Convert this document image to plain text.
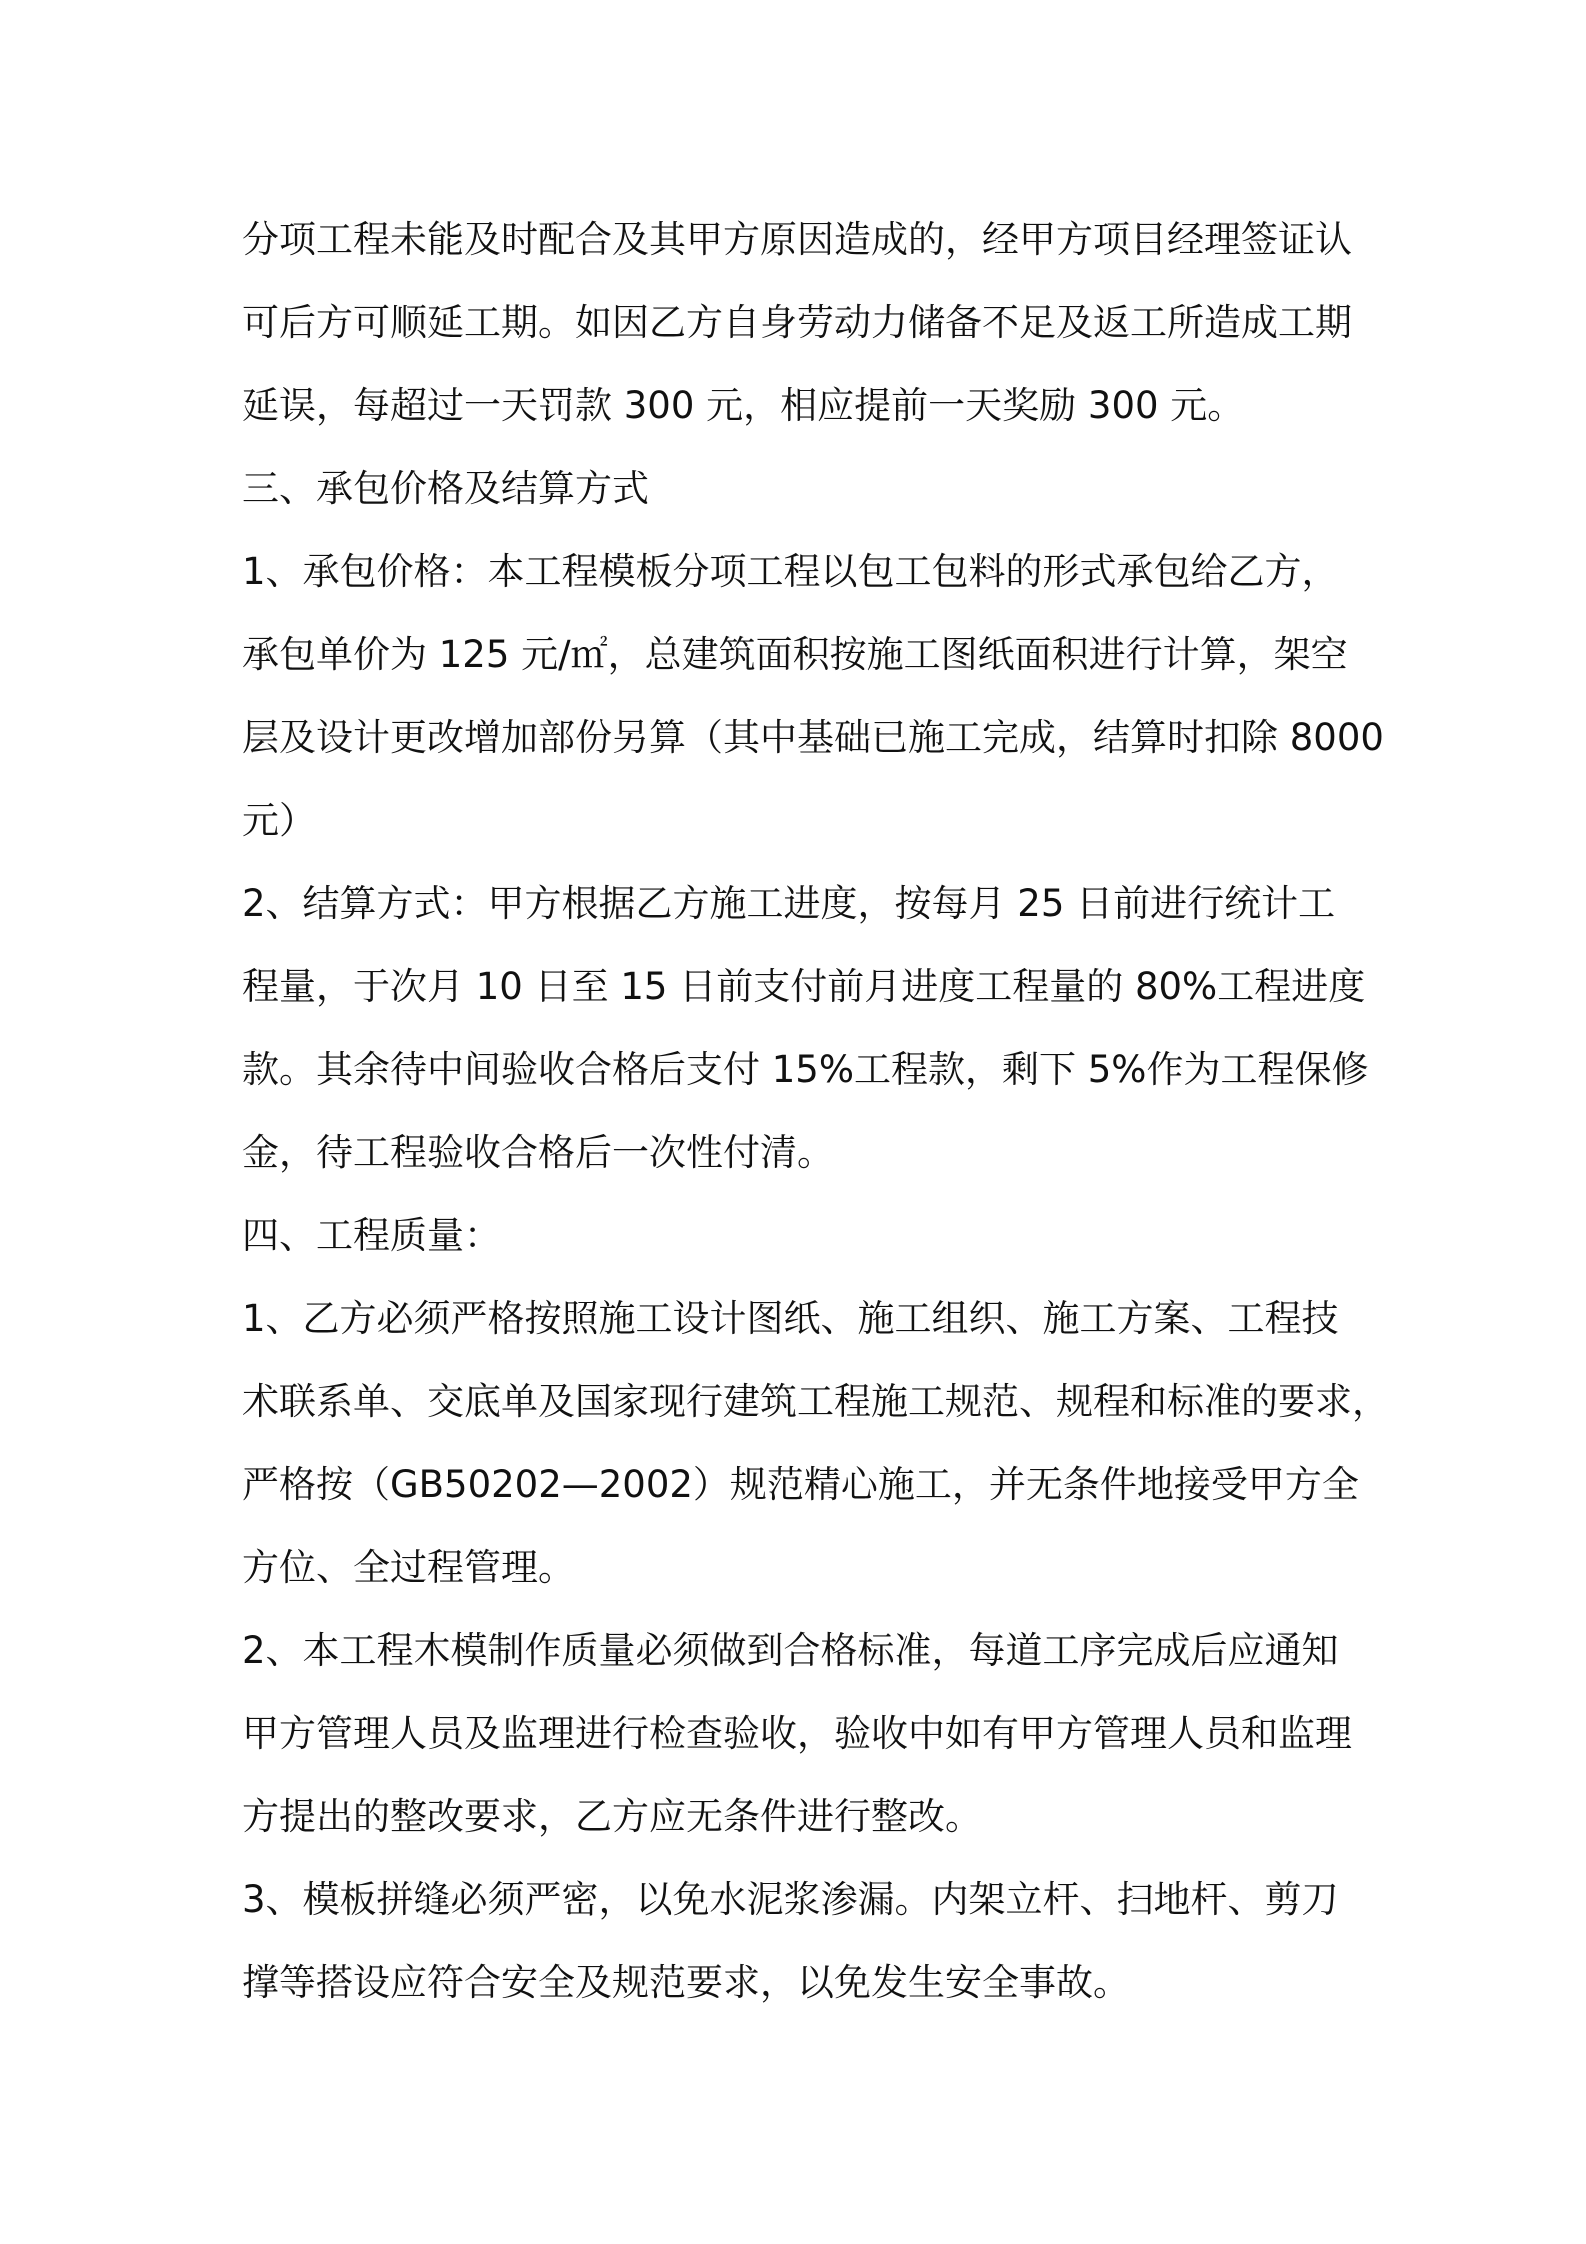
分项工程未能及时配合及其甲方原因造成的，经甲方项目经理签证认
可后方可顺延工期。如因乙方自身劳动力储备不足及返工所造成工期
延误，每超过一天罚款 300 元，相应提前一天奖励 300 元。
三、承包价格及结算方式
1、承包价格：本工程模板分项工程以包工包料的形式承包给乙方，
承包单价为 125 元/㎡，总建筑面积按施工图纸面积进行计算，架空
层及设计更改增加部份另算（其中基础已施工完成，结算时扣除 8000
元）
2、结算方式：甲方根据乙方施工进度，按每月 25 日前进行统计工
程量，于次月 10 日至 15 日前支付前月进度工程量的 80%工程进度
款。其余待中间验收合格后支付 15%工程款，剩下 5%作为工程保修
金，待工程验收合格后一次性付清。
四、工程质量：
1、乙方必须严格按照施工设计图纸、施工组织、施工方案、工程技
术联系单、交底单及国家现行建筑工程施工规范、规程和标准的要求，
严格按（GB50202—2002）规范精心施工，并无条件地接受甲方全
方位、全过程管理。
2、本工程木模制作质量必须做到合格标准，每道工序完成后应通知
甲方管理人员及监理进行检查验收，验收中如有甲方管理人员和监理
方提出的整改要求，乙方应无条件进行整改。
3、模板拼缝必须严密，以免水泥浆渗漏。内架立杆、扫地杆、剪刀
撑等搭设应符合安全及规范要求，以免发生安全事故。
